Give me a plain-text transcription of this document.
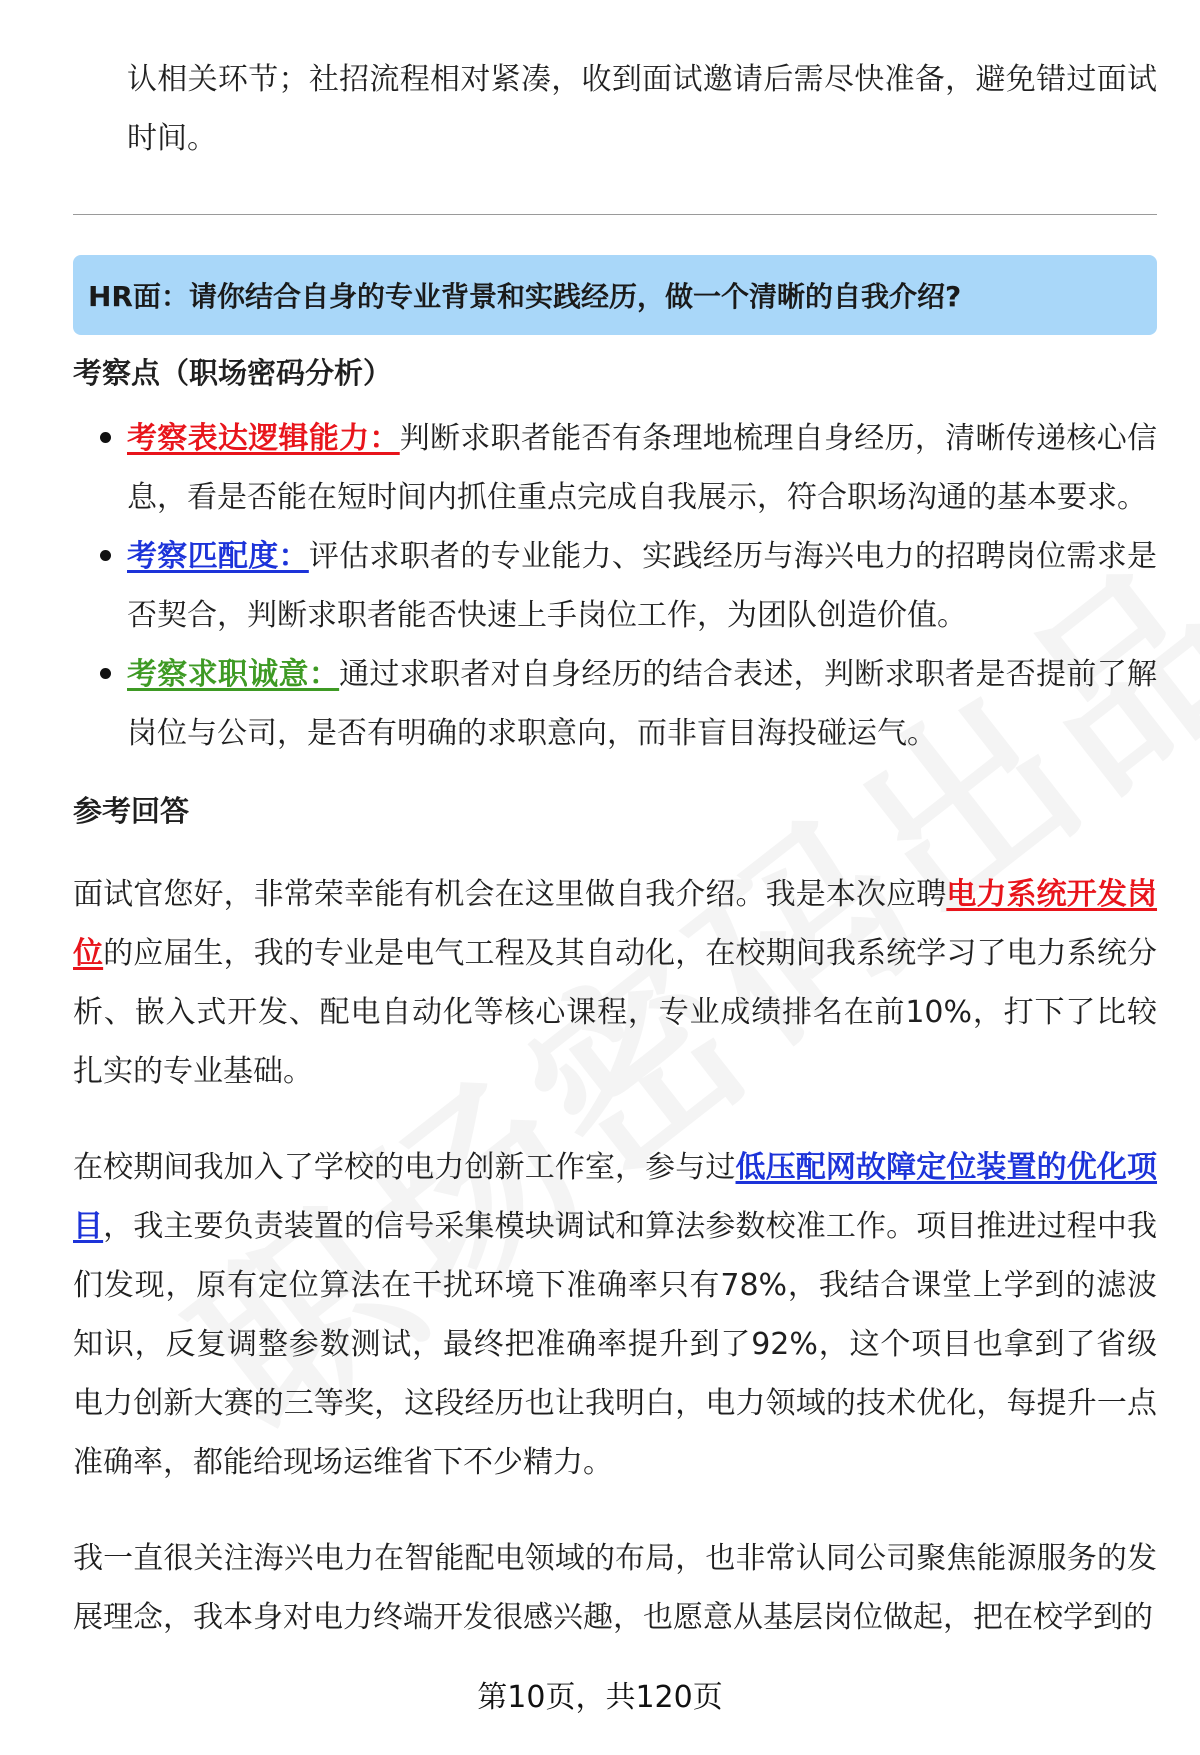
认相关环节；社招流程相对紧凑，收到面试邀请后需尽快准备，避免错过面试时间。

HR面：请你结合自身的专业背景和实践经历，做一个清晰的自我介绍?
考察点（职场密码分析）
考察表达逻辑能力：判断求职者能否有条理地梳理自身经历，清晰传递核心信息，看是否能在短时间内抓住重点完成自我展示，符合职场沟通的基本要求。
考察匹配度：评估求职者的专业能力、实践经历与海兴电力的招聘岗位需求是否契合，判断求职者能否快速上手岗位工作，为团队创造价值。
考察求职诚意：通过求职者对自身经历的结合表述，判断求职者是否提前了解岗位与公司，是否有明确的求职意向，而非盲目海投碰运气。
参考回答

面试官您好，非常荣幸能有机会在这里做自我介绍。我是本次应聘电力系统开发岗位的应届生，我的专业是电气工程及其自动化，在校期间我系统学习了电力系统分析、嵌入式开发、配电自动化等核心课程，专业成绩排名在前10%，打下了比较扎实的专业基础。

在校期间我加入了学校的电力创新工作室，参与过低压配网故障定位装置的优化项目，我主要负责装置的信号采集模块调试和算法参数校准工作。项目推进过程中我们发现，原有定位算法在干扰环境下准确率只有78%，我结合课堂上学到的滤波知识，反复调整参数测试，最终把准确率提升到了92%，这个项目也拿到了省级电力创新大赛的三等奖，这段经历也让我明白，电力领域的技术优化，每提升一点准确率，都能给现场运维省下不少精力。

我一直很关注海兴电力在智能配电领域的布局，也非常认同公司聚焦能源服务的发展理念，我本身对电力终端开发很感兴趣，也愿意从基层岗位做起，把在校学到的

第10页，共120页
